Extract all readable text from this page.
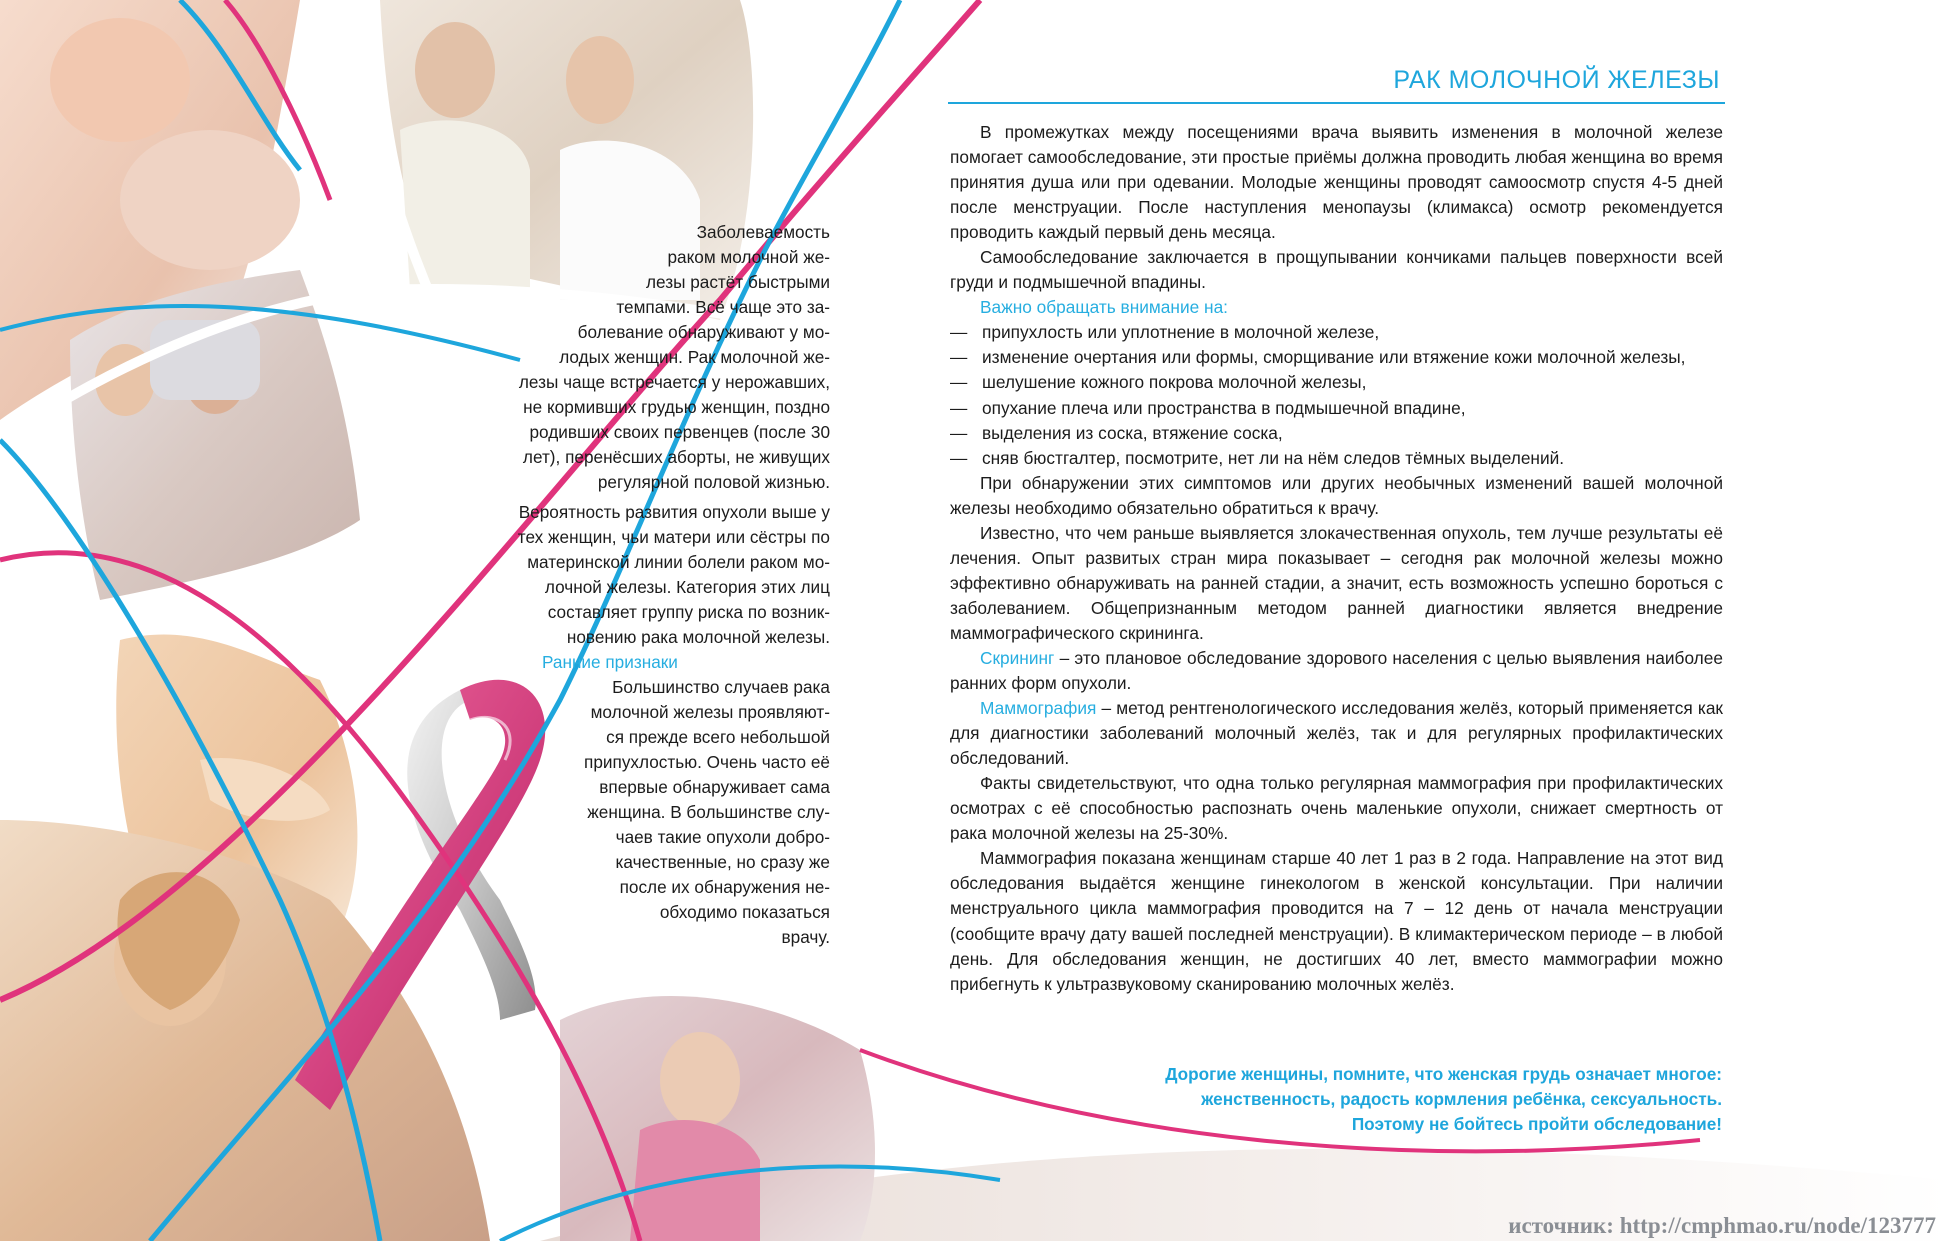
Заболеваемость
раком молочной же-
лезы растёт быстрыми
темпами. Всё чаще это за-
болевание обнаруживают у мо-
лодых женщин. Рак молочной же-
лезы чаще встречается у нерожавших,
не кормивших грудью женщин, поздно
родивших своих первенцев (после 30
лет), перенёсших аборты, не живущих
регулярной половой жизнью.
Вероятность развития опухоли выше у
тех женщин, чьи матери или сёстры по
материнской линии болели раком мо-
лочной железы. Категория этих лиц
составляет группу риска по возник-
новению рака молочной железы.
Ранние признаки
Большинство случаев рака
молочной железы проявляют-
ся прежде всего небольшой
припухлостью. Очень часто её
впервые обнаруживает сама
женщина. В большинстве слу-
чаев такие опухоли добро-
качественные, но сразу же
после их обнаружения не-
обходимо показаться
врачу.
РАК МОЛОЧНОЙ ЖЕЛЕЗЫ

В промежутках между посещениями врача выявить изменения в молочной железе помогает самообследование, эти простые приёмы должна проводить любая женщина во время принятия душа или при одевании. Молодые женщины проводят самоосмотр спустя 4-5 дней после менструации. После наступления менопаузы (климакса) осмотр рекомендуется проводить каждый первый день месяца.

Самообследование заключается в прощупывании кончиками пальцев поверхности всей груди и подмышечной впадины.

Важно обращать внимание на:
— припухлость или уплотнение в молочной железе,
— изменение очертания или формы, сморщивание или втяжение кожи молочной железы,
— шелушение кожного покрова молочной железы,
— опухание плеча или пространства в подмышечной впадине,
— выделения из соска, втяжение соска,
— сняв бюстгалтер, посмотрите, нет ли на нём следов тёмных выделений.

При обнаружении этих симптомов или других необычных изменений вашей молочной железы необходимо обязательно обратиться к врачу.

Известно, что чем раньше выявляется злокачественная опухоль, тем лучше результаты её лечения. Опыт развитых стран мира показывает – сегодня рак молочной железы можно эффективно обнаруживать на ранней стадии, а значит, есть возможность успешно бороться с заболеванием. Общепризнанным методом ранней диагностики является внедрение маммографического скрининга.

Скрининг – это плановое обследование здорового населения с целью выявления наиболее ранних форм опухоли.

Маммография – метод рентгенологического исследования желёз, который применяется как для диагностики заболеваний молочный желёз, так и для регулярных профилактических обследований.

Факты свидетельствуют, что одна только регулярная маммография при профилактических осмотрах с её способностью распознать очень маленькие опухоли, снижает смертность от рака молочной железы на 25-30%.

Маммография показана женщинам старше 40 лет 1 раз в 2 года. Направление на этот вид обследования выдаётся женщине гинекологом в женской консультации. При наличии менструального цикла маммография проводится на 7 – 12 день от начала менструации (сообщите врачу дату вашей последней менструации). В климактерическом периоде – в любой день. Для обследования женщин, не достигших 40 лет, вместо маммографии можно прибегнуть к ультразвуковому сканированию молочных желёз.

Дорогие женщины, помните, что женская грудь означает многое:
женственность, радость кормления ребёнка, сексуальность.
Поэтому не бойтесь пройти обследование!
источник: http://cmphmao.ru/node/123777
